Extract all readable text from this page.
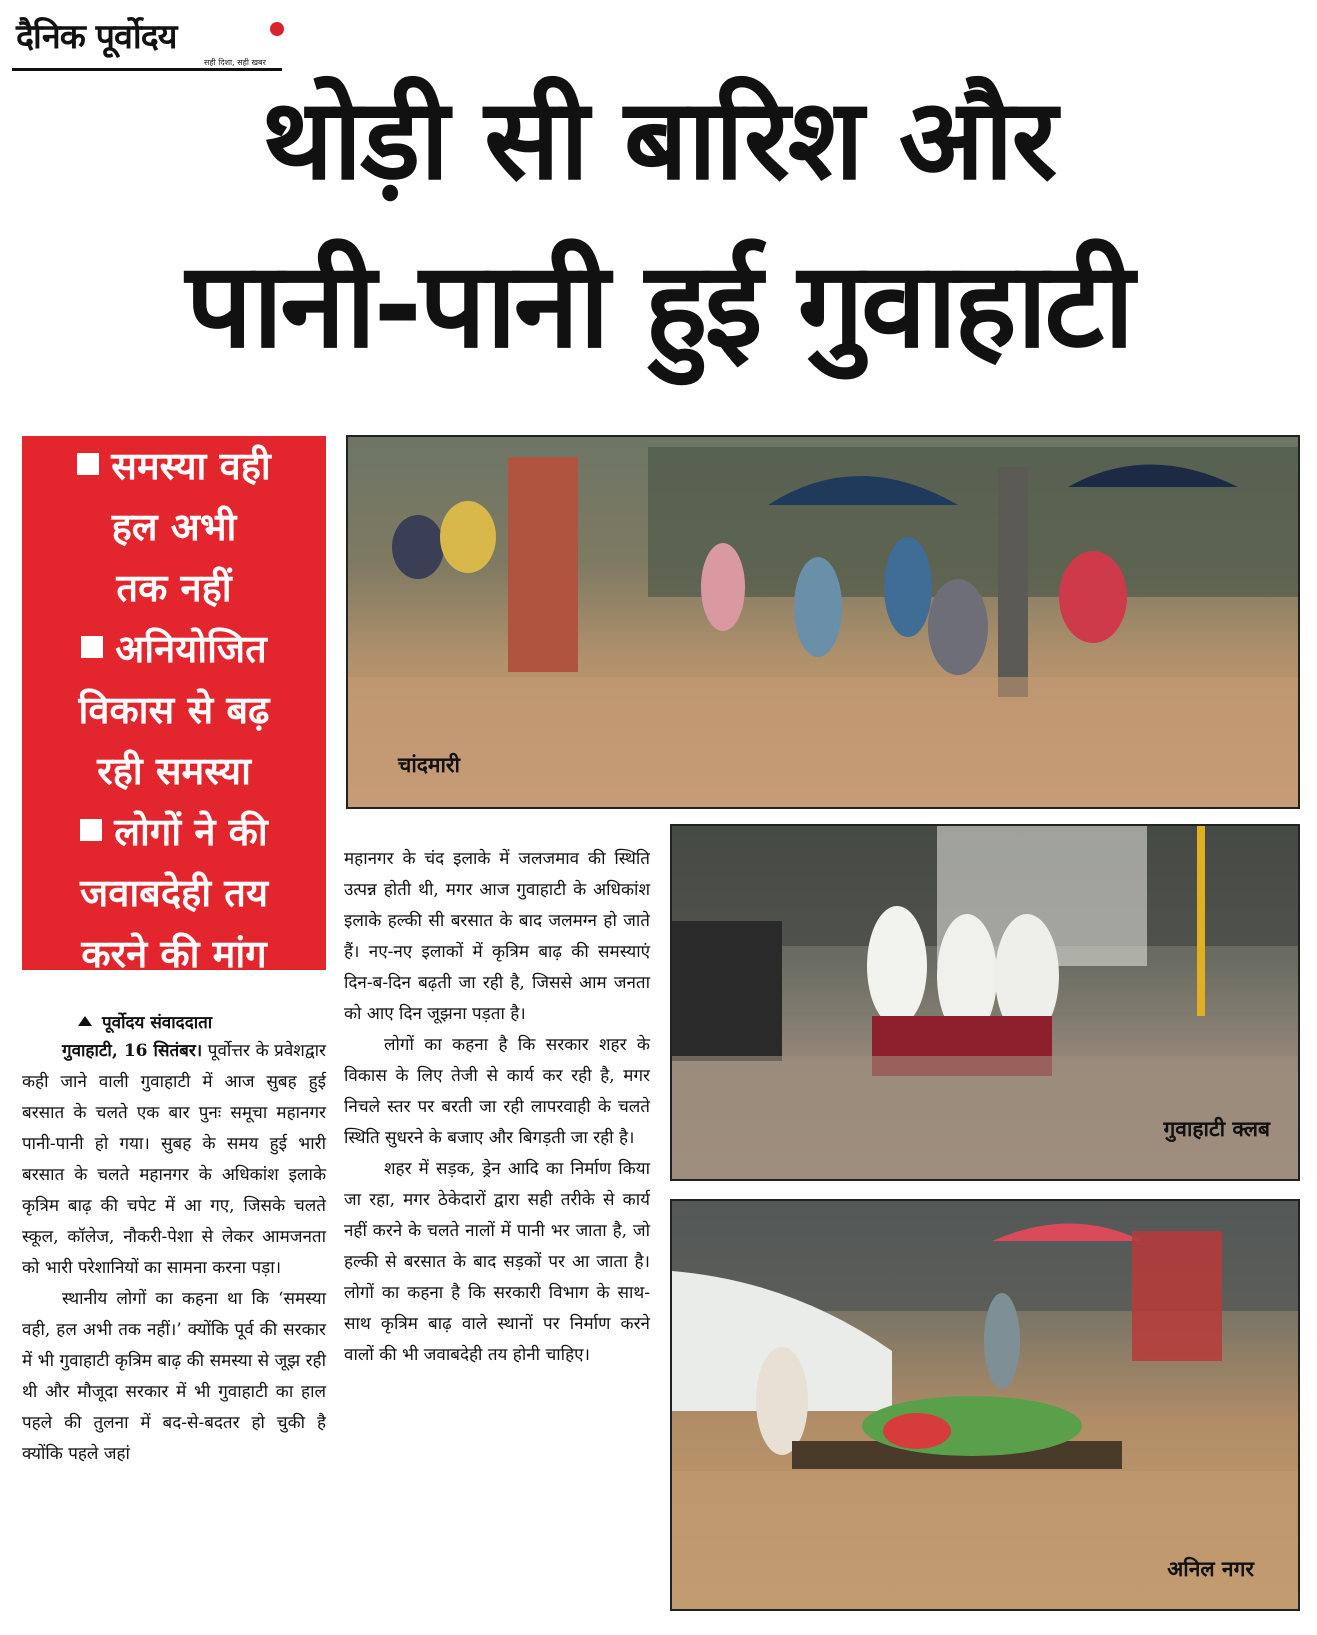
दैनिक पूर्वोदय
सही दिशा, सही खबर
थोड़ी सी बारिश और
पानी-पानी हुई गुवाहाटी
समस्या वही
हल अभी
तक नहीं
अनियोजित
विकास से बढ़
रही समस्या
लोगों ने की
जवाबदेही तय
करने की मांग
पूर्वोदय संवाददाता

गुवाहाटी, 16 सितंबर। पूर्वोत्तर के प्रवेशद्वार कही जाने वाली गुवाहाटी में आज सुबह हुई बरसात के चलते एक बार पुनः समूचा महानगर पानी-पानी हो गया। सुबह के समय हुई भारी बरसात के चलते महानगर के अधिकांश इलाके कृत्रिम बाढ़ की चपेट में आ गए, जिसके चलते स्कूल, कॉलेज, नौकरी-पेशा से लेकर आमजनता को भारी परेशानियों का सामना करना पड़ा।

स्थानीय लोगों का कहना था कि ‘समस्या वही, हल अभी तक नहीं।’ क्योंकि पूर्व की सरकार में भी गुवाहाटी कृत्रिम बाढ़ की समस्या से जूझ रही थी और मौजूदा सरकार में भी गुवाहाटी का हाल पहले की तुलना में बद-से-बदतर हो चुकी है क्योंकि पहले जहां

महानगर के चंद इलाके में जलजमाव की स्थिति उत्पन्न होती थी, मगर आज गुवाहाटी के अधिकांश इलाके हल्की सी बरसात के बाद जलमग्न हो जाते हैं। नए-नए इलाकों में कृत्रिम बाढ़ की समस्याएं दिन-ब-दिन बढ़ती जा रही है, जिससे आम जनता को आए दिन जूझना पड़ता है।

लोगों का कहना है कि सरकार शहर के विकास के लिए तेजी से कार्य कर रही है, मगर निचले स्तर पर बरती जा रही लापरवाही के चलते स्थिति सुधरने के बजाए और बिगड़ती जा रही है।

शहर में सड़क, ड्रेन आदि का निर्माण किया जा रहा, मगर ठेकेदारों द्वारा सही तरीके से कार्य नहीं करने के चलते नालों में पानी भर जाता है, जो हल्की से बरसात के बाद सड़कों पर आ जाता है। लोगों का कहना है कि सरकारी विभाग के साथ-साथ कृत्रिम बाढ़ वाले स्थानों पर निर्माण करने वालों की भी जवाबदेही तय होनी चाहिए।

चांदमारी
गुवाहाटी क्लब
अनिल नगर
